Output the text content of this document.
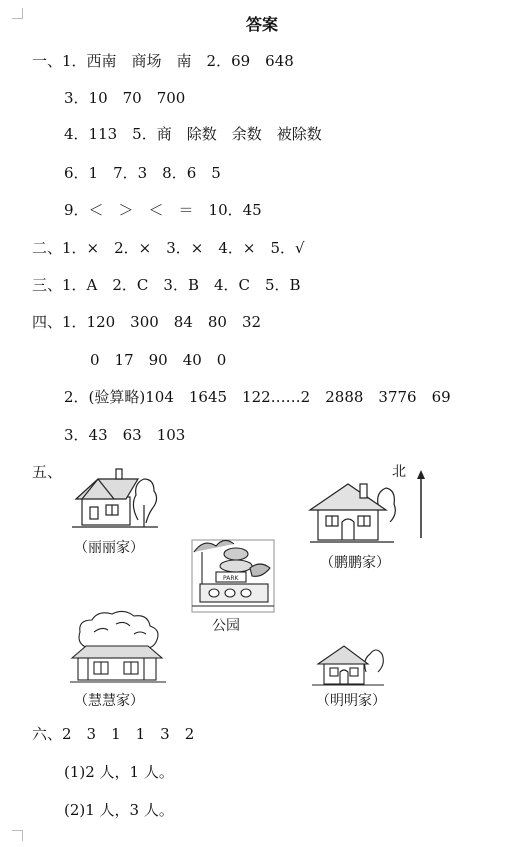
答案
一、1．西南　商场　南　2．69　648
3．10　70　700
4．113　5．商　除数　余数　被除数
6．1　7．3　8．6　5
9．＜　＞　＜　＝　10．45
二、1．×　2．×　3．×　4．×　5．√
三、1．A　2．C　3．B　4．C　5．B
四、1．120　300　84　80　32
0　17　90　40　0
2．(验算略)104　1645　122……2　2888　3776　69
3．43　63　103
五、	北
（丽丽家）
（鹏鹏家）
PARK
公园
（慧慧家）	（明明家）
六、2　3　1　1　3　2
(1)2 人，1 人。
(2)1 人，3 人。
